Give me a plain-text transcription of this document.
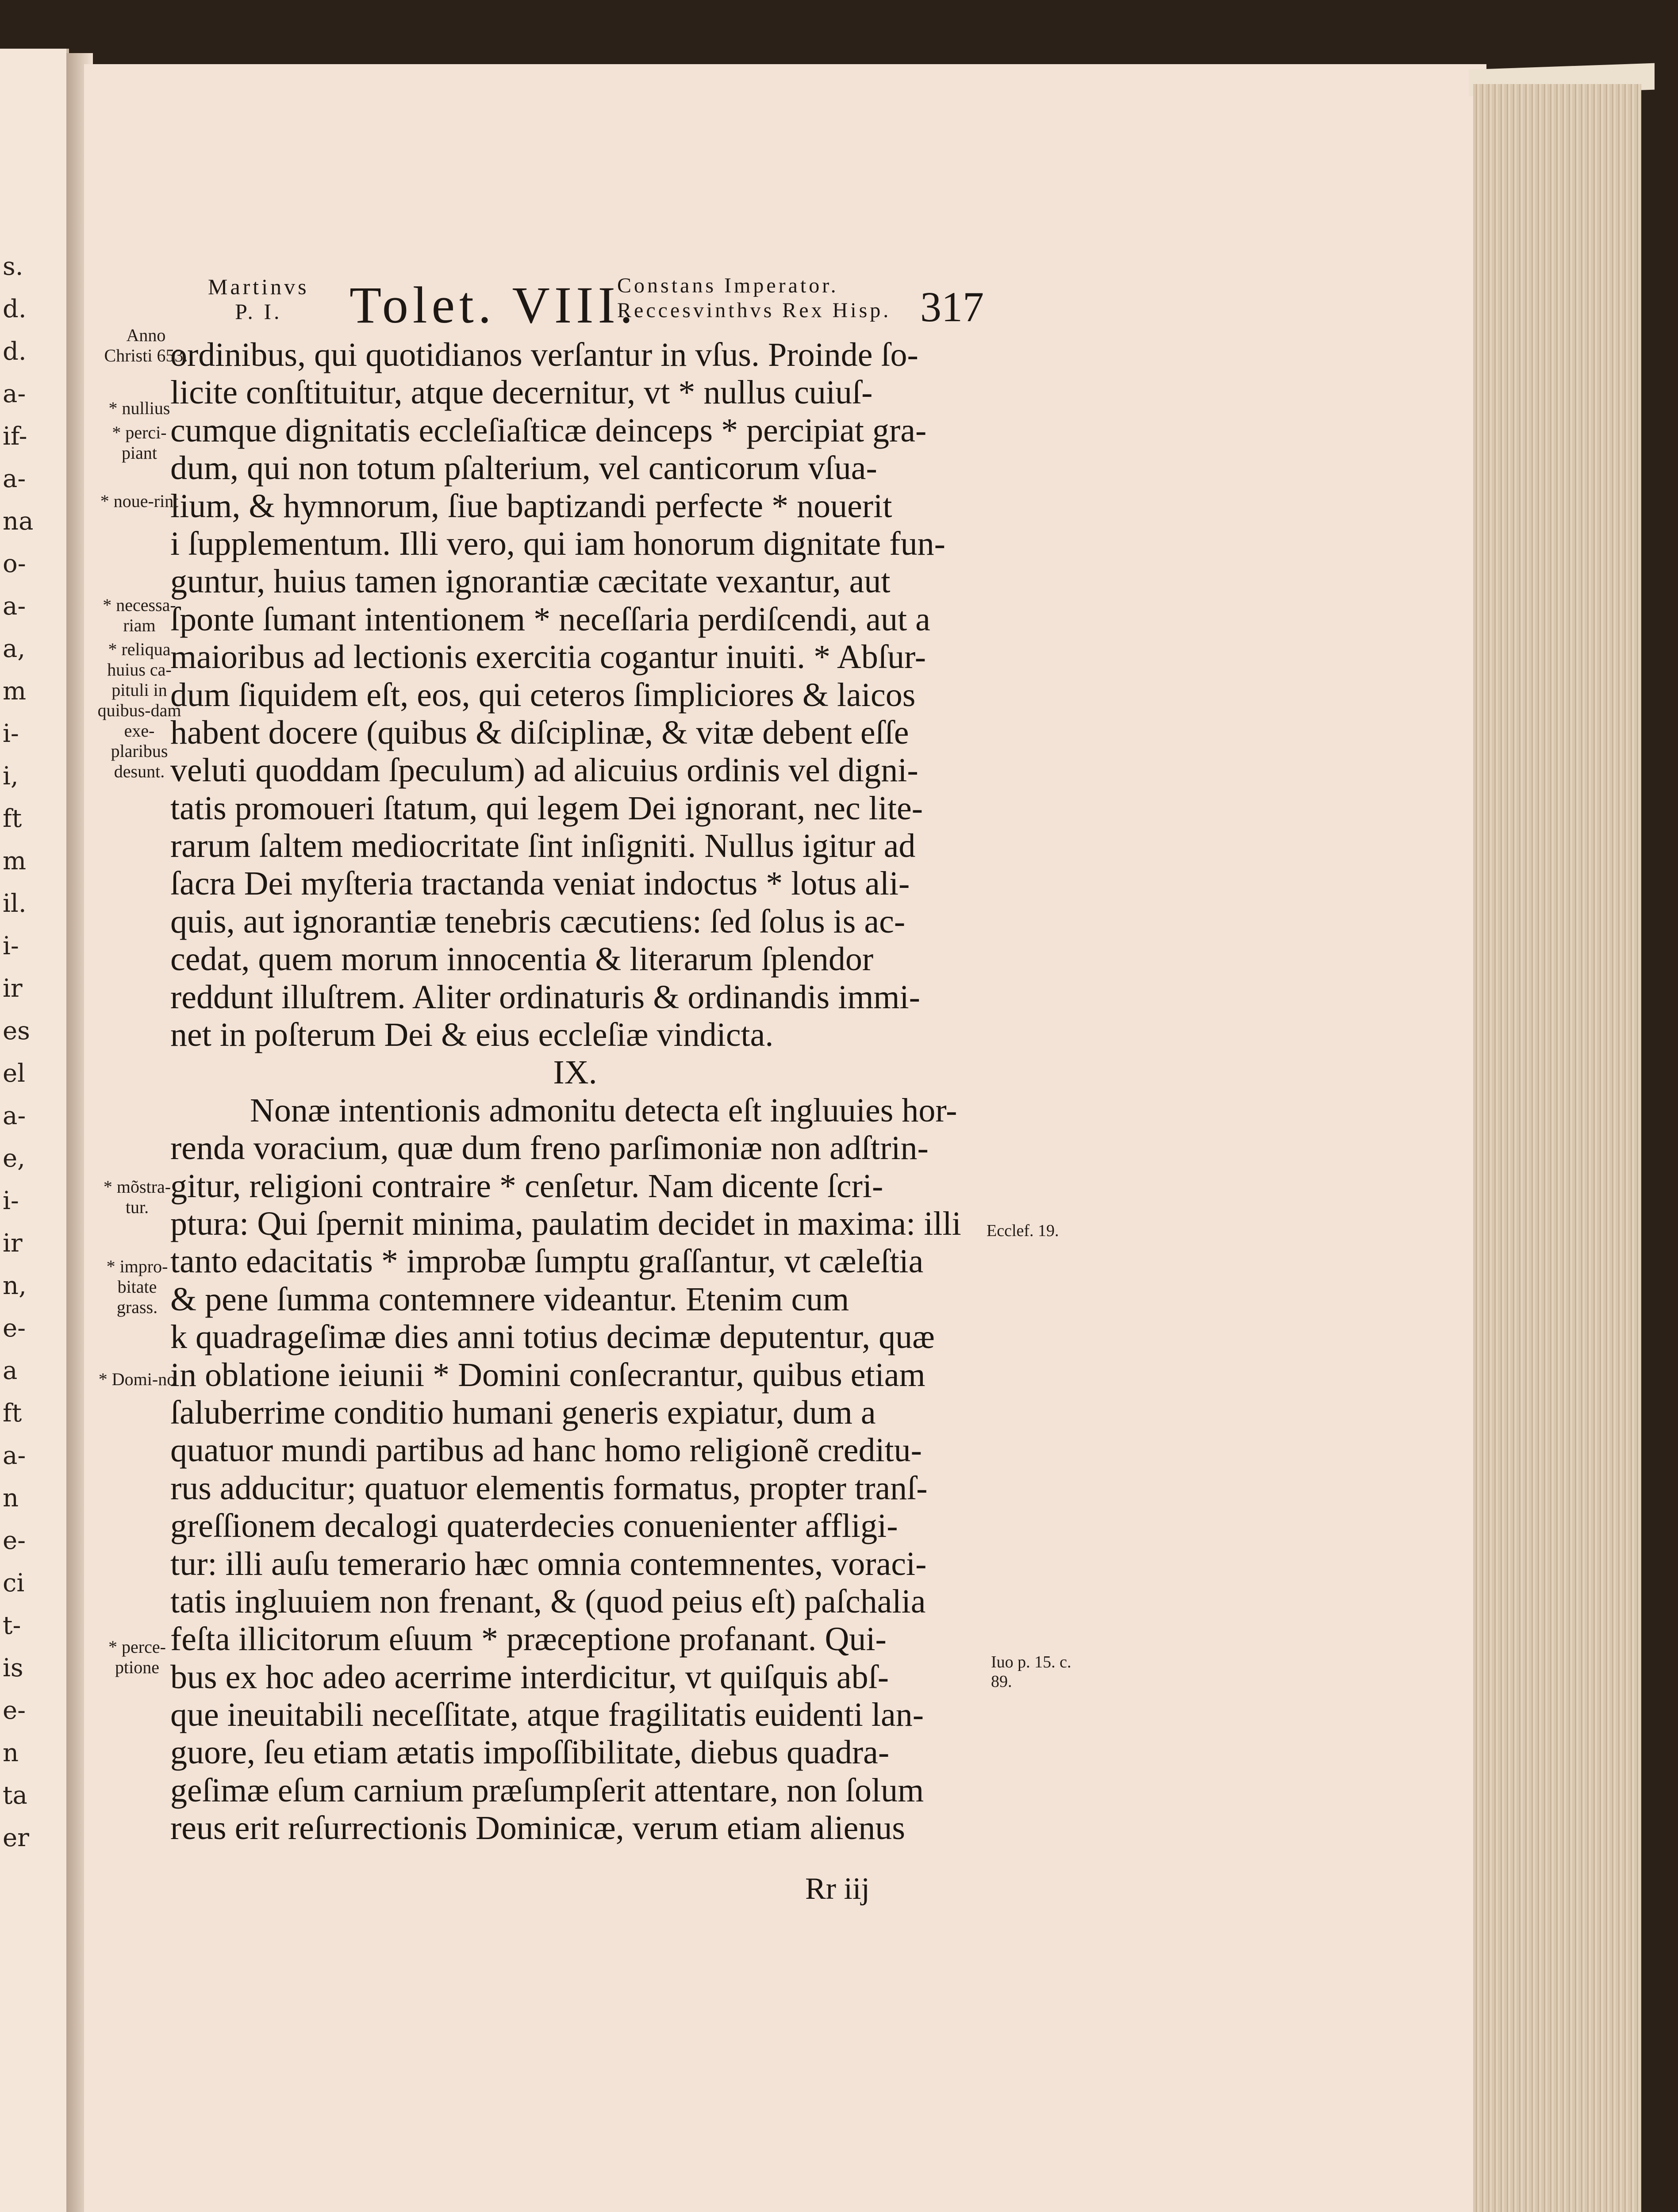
s.
d.
d.
a-
if-
a-
na
o-
a-
a,
m
i-
i,
ft
m
il.
i-
ir
es
el
a-
e,
i-
ir
n,
e-
a
ft
a-
n
e-
ci
t-
is
e-
n
ta
er
Martinvs
P. I.	Tolet. VIII.
Constans Imperator.
Reccesvinthvs Rex Hisp. 317
ordinibus, qui quotidianos verſantur in vſus. Proinde ſo-
licite conſtituitur, atque decernitur, vt * nullus cuiuſ-
cumque dignitatis eccleſiaſticæ deinceps * percipiat gra-
dum, qui non totum pſalterium, vel canticorum vſua-
lium, & hymnorum, ſiue baptizandi perfecte * nouerit
i ſupplementum. Illi vero, qui iam honorum dignitate fun-
guntur, huius tamen ignorantiæ cæcitate vexantur, aut
ſponte ſumant intentionem * neceſſaria perdiſcendi, aut a
maioribus ad lectionis exercitia cogantur inuiti. * Abſur-
dum ſiquidem eſt, eos, qui ceteros ſimpliciores & laicos
habent docere (quibus & diſciplinæ, & vitæ debent eſſe
veluti quoddam ſpeculum) ad alicuius ordinis vel digni-
tatis promoueri ſtatum, qui legem Dei ignorant, nec lite-
rarum ſaltem mediocritate ſint inſigniti. Nullus igitur ad
ſacra Dei myſteria tractanda veniat indoctus * lotus ali-
quis, aut ignorantiæ tenebris cæcutiens: ſed ſolus is ac-
cedat, quem morum innocentia & literarum ſplendor
reddunt illuſtrem. Aliter ordinaturis & ordinandis immi-
net in poſterum Dei & eius eccleſiæ vindicta.
IX.
Nonæ intentionis admonitu detecta eſt ingluuies hor-
renda voracium, quæ dum freno parſimoniæ non adſtrin-
gitur, religioni contraire * cenſetur. Nam dicente ſcri-
ptura: Qui ſpernit minima, paulatim decidet in maxima: illi
tanto edacitatis * improbæ ſumptu graſſantur, vt cæleſtia
& pene ſumma contemnere videantur. Etenim cum
k quadrageſimæ dies anni totius decimæ deputentur, quæ
in oblatione ieiunii * Domini conſecrantur, quibus etiam
ſaluberrime conditio humani generis expiatur, dum a
quatuor mundi partibus ad hanc homo religionẽ creditu-
rus adducitur; quatuor elementis formatus, propter tranſ-
greſſionem decalogi quaterdecies conuenienter affligi-
tur: illi auſu temerario hæc omnia contemnentes, voraci-
tatis ingluuiem non frenant, & (quod peius eſt) paſchalia
feſta illicitorum eſuum * præceptione profanant. Qui-
bus ex hoc adeo acerrime interdicitur, vt quiſquis abſ-
que ineuitabili neceſſitate, atque fragilitatis euidenti lan-
guore, ſeu etiam ætatis impoſſibilitate, diebus quadra-
geſimæ eſum carnium præſumpſerit attentare, non ſolum
reus erit reſurrectionis Dominicæ, verum etiam alienus
Anno Christi 653.
* nullius
* perci-piant
* noue-rint
* necessa-riam
* reliqua huius ca-pituli in quibus-dam exe-plaribus desunt.
* mõstra-tur.
* impro-bitate grass.
* Domi-no
* perce-ptione
Ecclef. 19.
Iuo p. 15. c. 89.
Rr iij
